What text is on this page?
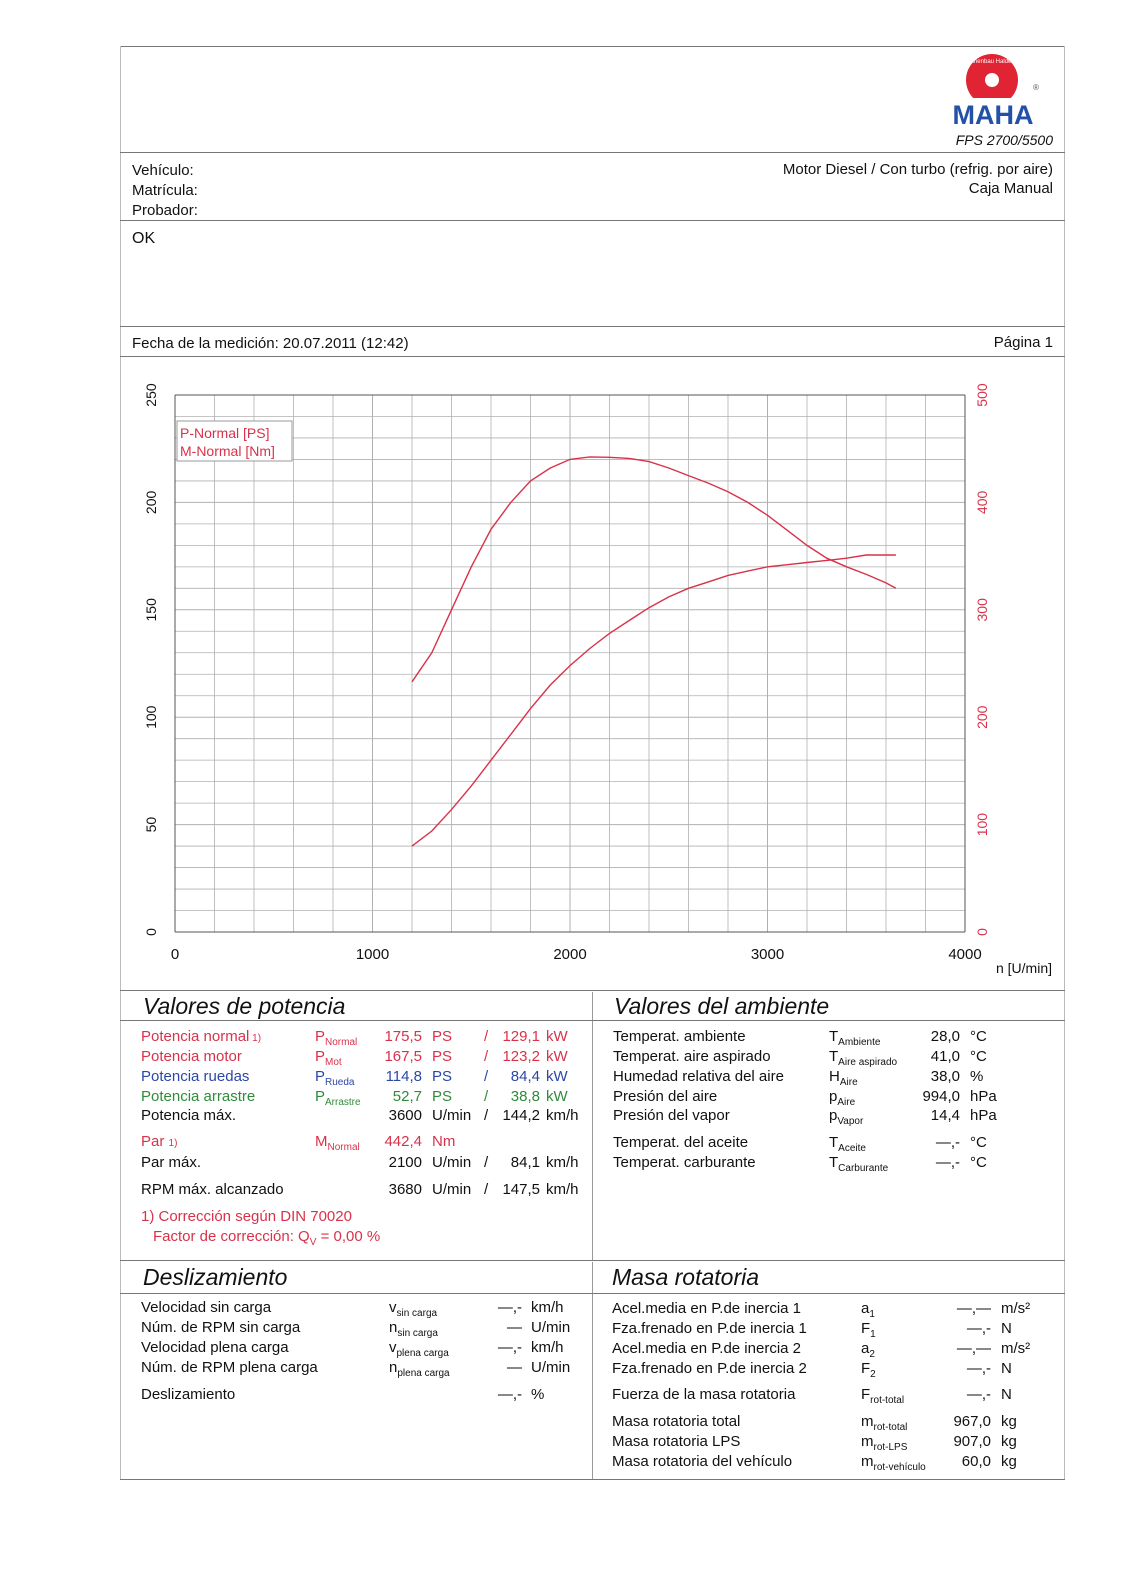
Maschinenbau Haldenwang
MAHA
®
FPS 2700/5500
Vehículo:
Matrícula:
Probador:
Motor Diesel / Con turbo (refrig. por aire)
Caja Manual
OK
Fecha de la medición: 20.07.2011 (12:42)	Página 1
0	1000	2000	3000	4000
0
50
100
150
200
250
0
100
200
300
400
500
P-Normal [PS]
M-Normal [Nm]
n [U/min]
Valores de potencia
Potencia normal 1)	$P_{Normal}$	175,5 PS / 129,1 kW
Potencia motor	$P_{Mot}$	167,5 PS / 123,2 kW
Potencia ruedas	$P_{Rueda}$	114,8 PS /	84,4 kW
Potencia arrastre	$P_{Arrastre}$	52,7 PS /	38,8 kW
Potencia máx.	3600 U/min / 144,2 km/h
Par 1)	$M_{Normal}$	442,4 Nm
Par máx.	2100 U/min /	84,1 km/h
RPM máx. alcanzado	3680 U/min / 147,5 km/h
1) Corrección según DIN 70020
Factor de corrección: $Q_V = 0,00$ %
Valores del ambiente
Temperat. ambiente	$T_{Ambiente}$	28,0 °C
Temperat. aire aspirado	$T_{Aire aspirado}$	41,0 °C
Humedad relativa del aire	$H_{Aire}$	38,0 %
Presión del aire	$p_{Aire}$	994,0 hPa
Presión del vapor	$p_{Vapor}$	14,4 hPa
Temperat. del aceite	$T_{Aceite}$	—,- °C
Temperat. carburante	$T_{Carburante}$	—,- °C
Deslizamiento
Velocidad sin carga	$v_{sin carga}$	—,- km/h
Núm. de RPM sin carga	$n_{sin carga}$	— U/min
Velocidad plena carga	$v_{plena carga}$	—,- km/h
Núm. de RPM plena carga	$n_{plena carga}$	— U/min
Deslizamiento	—,- %
Masa rotatoria
Acel.media en P.de inercia 1	$a_1$	—,— m/s²
Fza.frenado en P.de inercia 1	$F_1$	—,- N
Acel.media en P.de inercia 2	$a_2$	—,— m/s²
Fza.frenado en P.de inercia 2	$F_2$	—,- N
Fuerza de la masa rotatoria	$F_{rot-total}$	—,- N
Masa rotatoria total	$m_{rot-total}$	967,0 kg
Masa rotatoria LPS	$m_{rot-LPS}$	907,0 kg
Masa rotatoria del vehículo	$m_{rot-vehículo}$	60,0 kg
